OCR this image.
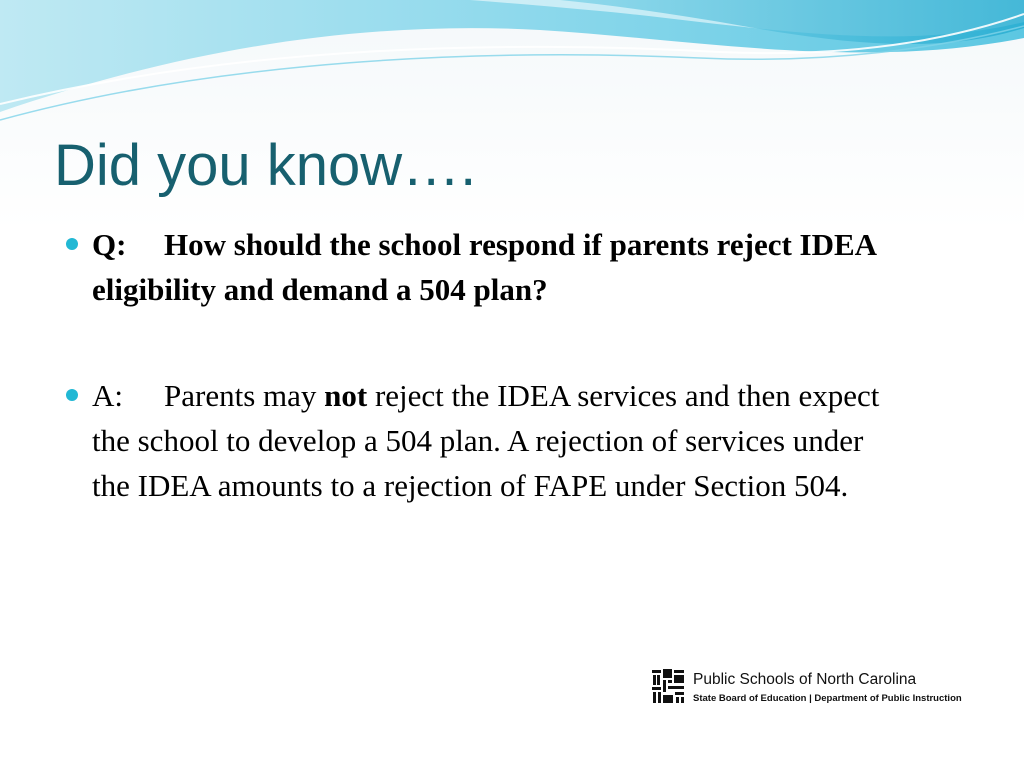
Did you know….
Q: How should the school respond if parents reject IDEA eligibility and demand a 504 plan?
A: Parents may not reject the IDEA services and then expect the school to develop a 504 plan. A rejection of services under the IDEA amounts to a rejection of FAPE under Section 504.
Public Schools of North Carolina
State Board of Education | Department of Public Instruction
